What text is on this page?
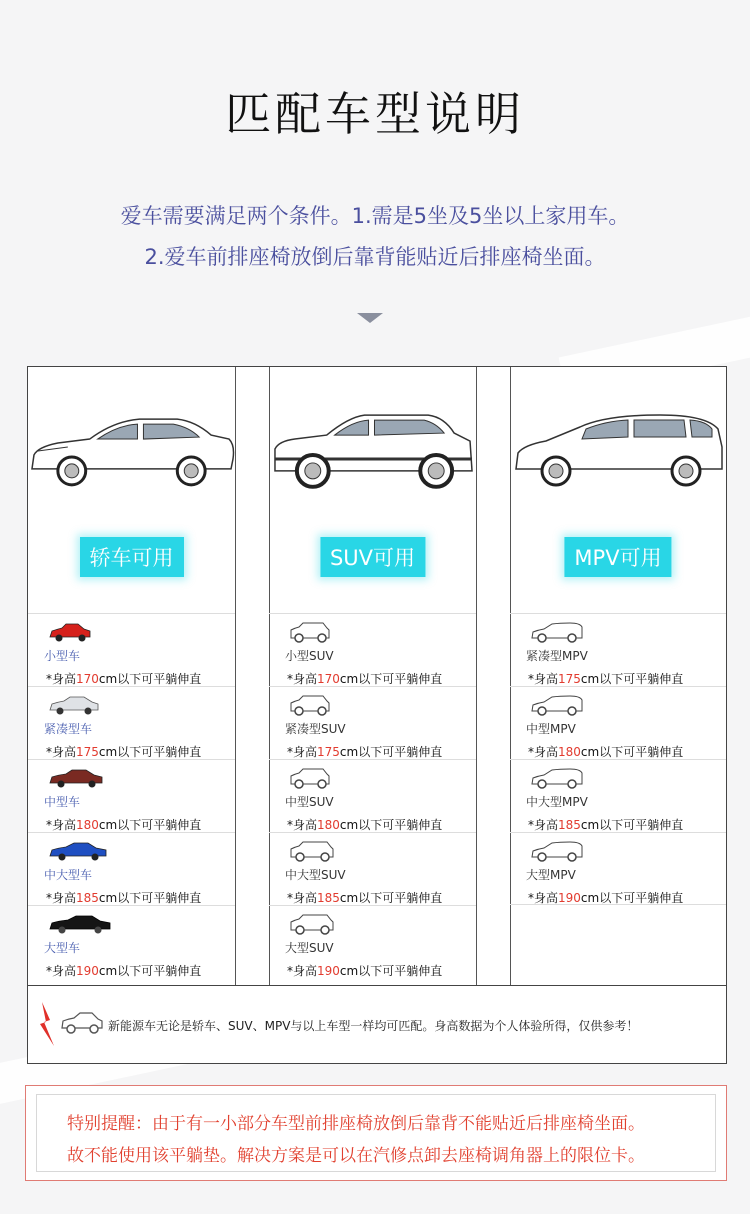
匹配车型说明
爱车需要满足两个条件。1.需是5坐及5坐以上家用车。
2.爱车前排座椅放倒后靠背能贴近后排座椅坐面。
轿车可用
小型车
*身高170cm以下可平躺伸直
紧凑型车
*身高175cm以下可平躺伸直
中型车
*身高180cm以下可平躺伸直
中大型车
*身高185cm以下可平躺伸直
大型车
*身高190cm以下可平躺伸直
SUV可用
小型SUV
*身高170cm以下可平躺伸直
紧凑型SUV
*身高175cm以下可平躺伸直
中型SUV
*身高180cm以下可平躺伸直
中大型SUV
*身高185cm以下可平躺伸直
大型SUV
*身高190cm以下可平躺伸直
MPV可用
紧凑型MPV
*身高175cm以下可平躺伸直
中型MPV
*身高180cm以下可平躺伸直
中大型MPV
*身高185cm以下可平躺伸直
大型MPV
*身高190cm以下可平躺伸直
新能源车无论是轿车、SUV、MPV与以上车型一样均可匹配。身高数据为个人体验所得，仅供参考！
特别提醒：由于有一小部分车型前排座椅放倒后靠背不能贴近后排座椅坐面。
故不能使用该平躺垫。解决方案是可以在汽修点卸去座椅调角器上的限位卡。
